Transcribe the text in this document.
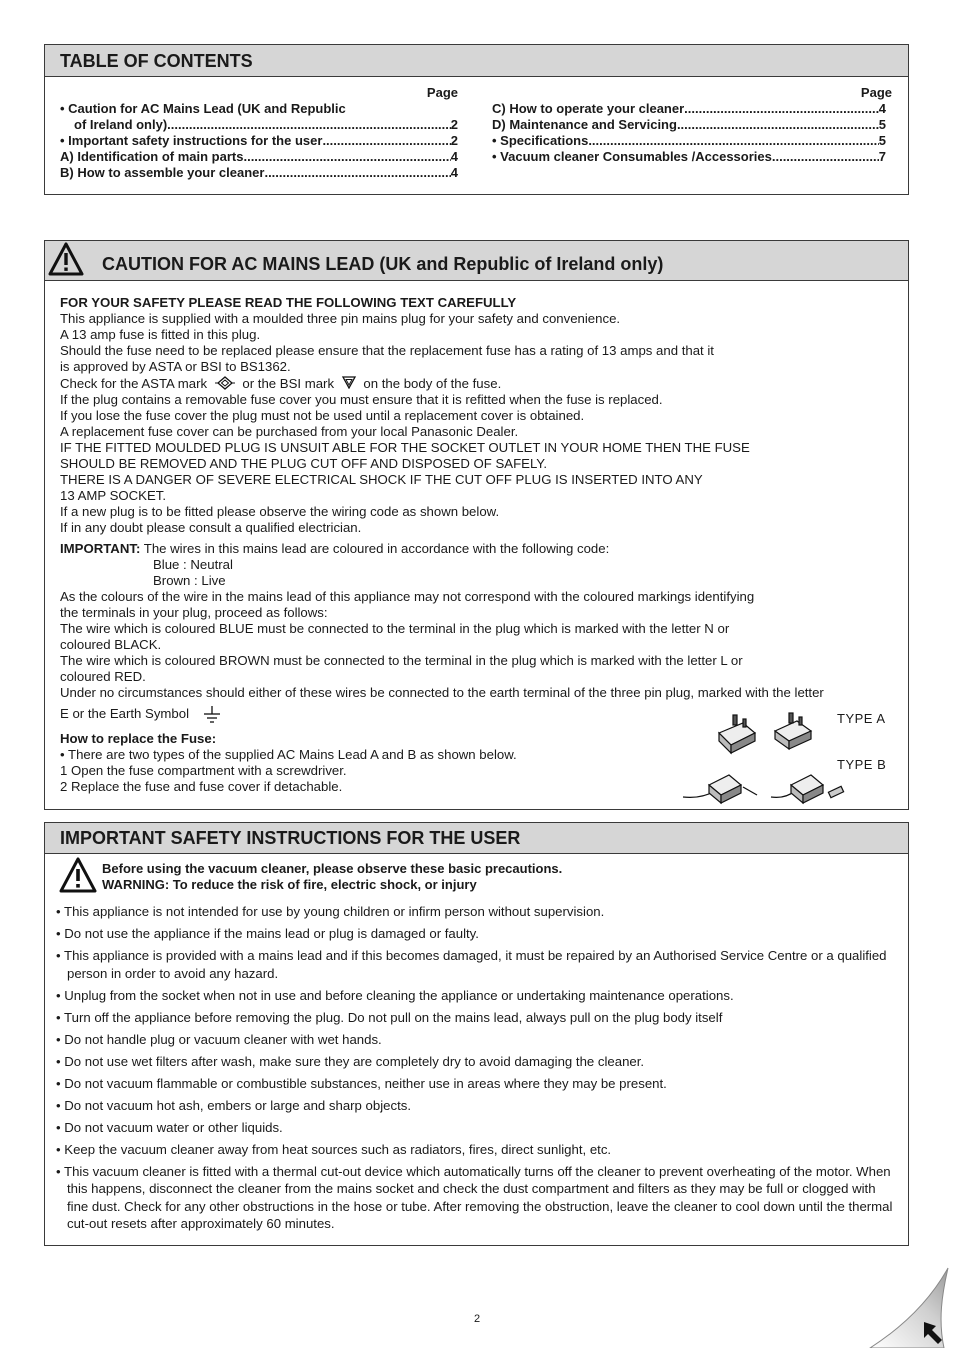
TABLE OF CONTENTS
Page
• Caution for AC Mains Lead (UK and Republic
of Ireland only) .....	2
• Important safety instructions for the user .....	2
A) Identification of main parts .....	4
B) How to assemble your cleaner .....	4
Page
C) How to operate your cleaner .....	4
D) Maintenance and Servicing .....	5
• Specifications .....	5
• Vacuum cleaner Consumables /Accessories .....	7
CAUTION FOR AC MAINS LEAD (UK and Republic of Ireland only)
FOR YOUR SAFETY PLEASE READ THE FOLLOWING TEXT CAREFULLY
This appliance is supplied with a moulded three pin mains plug for your safety and convenience.
A 13 amp fuse is fitted in this plug.
Should the fuse need to be replaced please ensure that the replacement fuse has a rating of 13 amps and that it
is approved by ASTA or BSI to BS1362.
Check for the ASTA mark	or the BSI mark on the body of the fuse.
If the plug contains a removable fuse cover you must ensure that it is refitted when the fuse is replaced.
If you lose the fuse cover the plug must not be used until a replacement cover is obtained.
A replacement fuse cover can be purchased from your local Panasonic Dealer.
IF THE FITTED MOULDED PLUG IS UNSUIT ABLE FOR THE SOCKET OUTLET IN YOUR HOME THEN THE FUSE
SHOULD BE REMOVED AND THE PLUG CUT OFF AND DISPOSED OF SAFELY.
THERE IS A DANGER OF SEVERE ELECTRICAL SHOCK IF THE CUT OFF PLUG IS INSERTED INTO ANY
13 AMP SOCKET.
If a new plug is to be fitted please observe the wiring code as shown below.
If in any doubt please consult a qualified electrician.
IMPORTANT: The wires in this mains lead are coloured in accordance with the following code:
Blue : Neutral
Brown : Live
As the colours of the wire in the mains lead of this appliance may not correspond with the coloured markings identifying
the terminals in your plug, proceed as follows:
The wire which is coloured BLUE must be connected to the terminal in the plug which is marked with the letter N or
coloured BLACK.
The wire which is coloured BROWN must be connected to the terminal in the plug which is marked with the letter L or
coloured RED.
Under no circumstances should either of these wires be connected to the earth terminal of the three pin plug, marked with the letter
E or the Earth Symbol
How to replace the Fuse:
• There are two types of the supplied AC Mains Lead A and B as shown below.
1 Open the fuse compartment with a screwdriver.
2 Replace the fuse and fuse cover if detachable.
TYPE A
TYPE B
IMPORTANT SAFETY INSTRUCTIONS FOR THE USER
Before using the vacuum cleaner, please observe these basic precautions.
WARNING: To reduce the risk of fire, electric shock, or injury
• This appliance is not intended for use by young children or infirm person without supervision.
• Do not use the appliance if the mains lead or plug is damaged or faulty.
• This appliance is provided with a mains lead and if this becomes damaged, it must be repaired by an Authorised Service Centre or a qualified person in order to avoid any hazard.
• Unplug from the socket when not in use and before cleaning the appliance or undertaking maintenance operations.
• Turn off the appliance before removing the plug. Do not pull on the mains lead, always pull on the plug body itself
• Do not handle plug or vacuum cleaner with wet hands.
• Do not use wet filters after wash, make sure they are completely dry to avoid damaging the cleaner.
• Do not vacuum flammable or combustible substances, neither use in areas where they may be present.
• Do not vacuum hot ash, embers or large and sharp objects.
• Do not vacuum water or other liquids.
• Keep the vacuum cleaner away from heat sources such as radiators, fires, direct sunlight, etc.
• This vacuum cleaner is fitted with a thermal cut-out device which automatically turns off the cleaner to prevent overheating of the motor. When this happens, disconnect the cleaner from the mains socket and check the dust compartment and filters as they may be full or clogged with fine dust. Check for any other obstructions in the hose or tube. After removing the obstruction, leave the cleaner to cool down until the thermal cut-out resets after approximately 60 minutes.
2
